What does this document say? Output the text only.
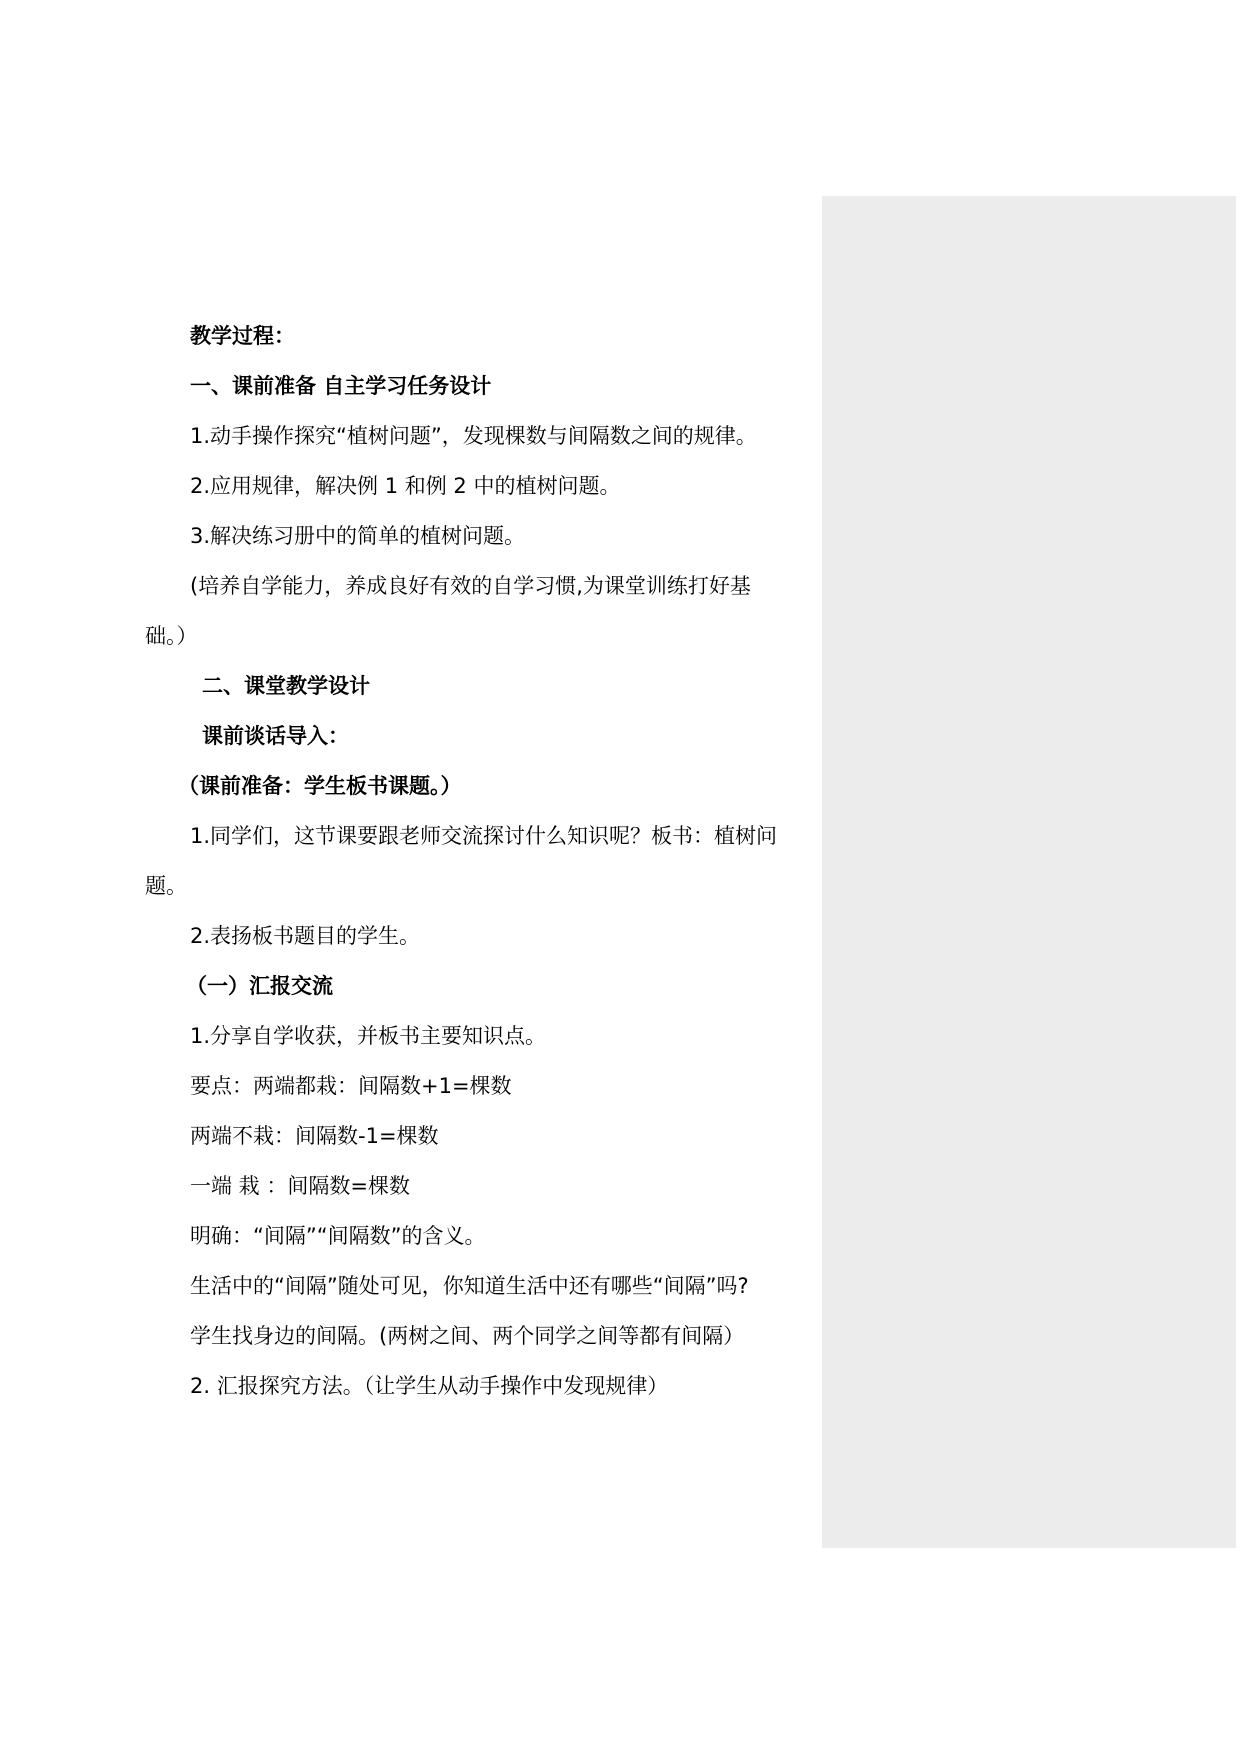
教学过程：
一、课前准备 自主学习任务设计
1.动手操作探究“植树问题”，发现棵数与间隔数之间的规律。
2.应用规律，解决例 1 和例 2 中的植树问题。
3.解决练习册中的简单的植树问题。
(培养自学能力，养成良好有效的自学习惯,为课堂训练打好基
础。）
二、课堂教学设计
课前谈话导入：
（课前准备：学生板书课题。）
1.同学们，这节课要跟老师交流探讨什么知识呢？板书：植树问
题。
2.表扬板书题目的学生。
（一）汇报交流
1.分享自学收获，并板书主要知识点。
要点：两端都栽：间隔数+1=棵数
两端不栽：间隔数-1=棵数
一端 栽 ：间隔数=棵数
明确：“间隔”“间隔数”的含义。
生活中的“间隔”随处可见，你知道生活中还有哪些“间隔”吗?
学生找身边的间隔。(两树之间、两个同学之间等都有间隔）
2. 汇报探究方法。（让学生从动手操作中发现规律）
